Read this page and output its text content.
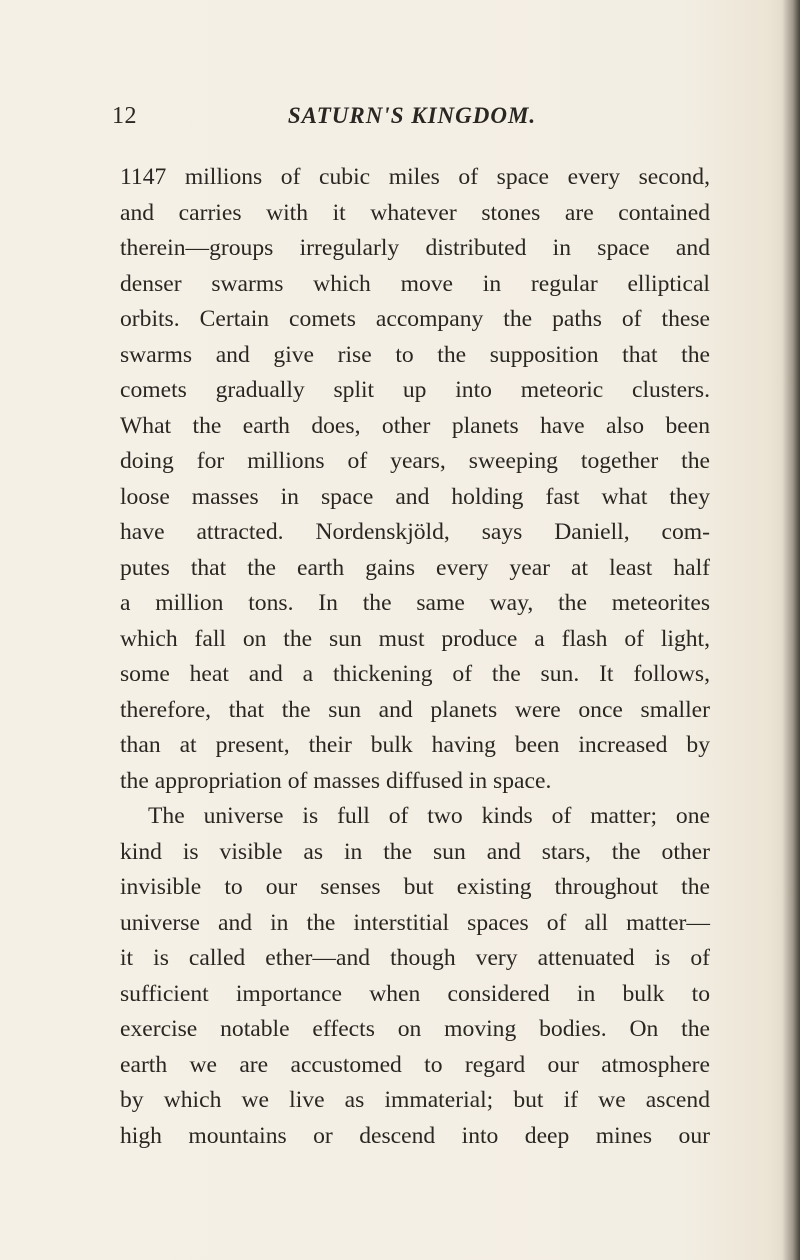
12	SATURN'S KINGDOM.
1147 millions of cubic miles of space every second,
and carries with it whatever stones are contained
therein—groups irregularly distributed in space and
denser swarms which move in regular elliptical
orbits. Certain comets accompany the paths of these
swarms and give rise to the supposition that the
comets gradually split up into meteoric clusters.
What the earth does, other planets have also been
doing for millions of years, sweeping together the
loose masses in space and holding fast what they
have attracted. Nordenskjöld, says Daniell, com-
putes that the earth gains every year at least half
a million tons. In the same way, the meteorites
which fall on the sun must produce a flash of light,
some heat and a thickening of the sun. It follows,
therefore, that the sun and planets were once smaller
than at present, their bulk having been increased by
the appropriation of masses diffused in space.
The universe is full of two kinds of matter; one
kind is visible as in the sun and stars, the other
invisible to our senses but existing throughout the
universe and in the interstitial spaces of all matter—
it is called ether—and though very attenuated is of
sufficient importance when considered in bulk to
exercise notable effects on moving bodies. On the
earth we are accustomed to regard our atmosphere
by which we live as immaterial; but if we ascend
high mountains or descend into deep mines our
